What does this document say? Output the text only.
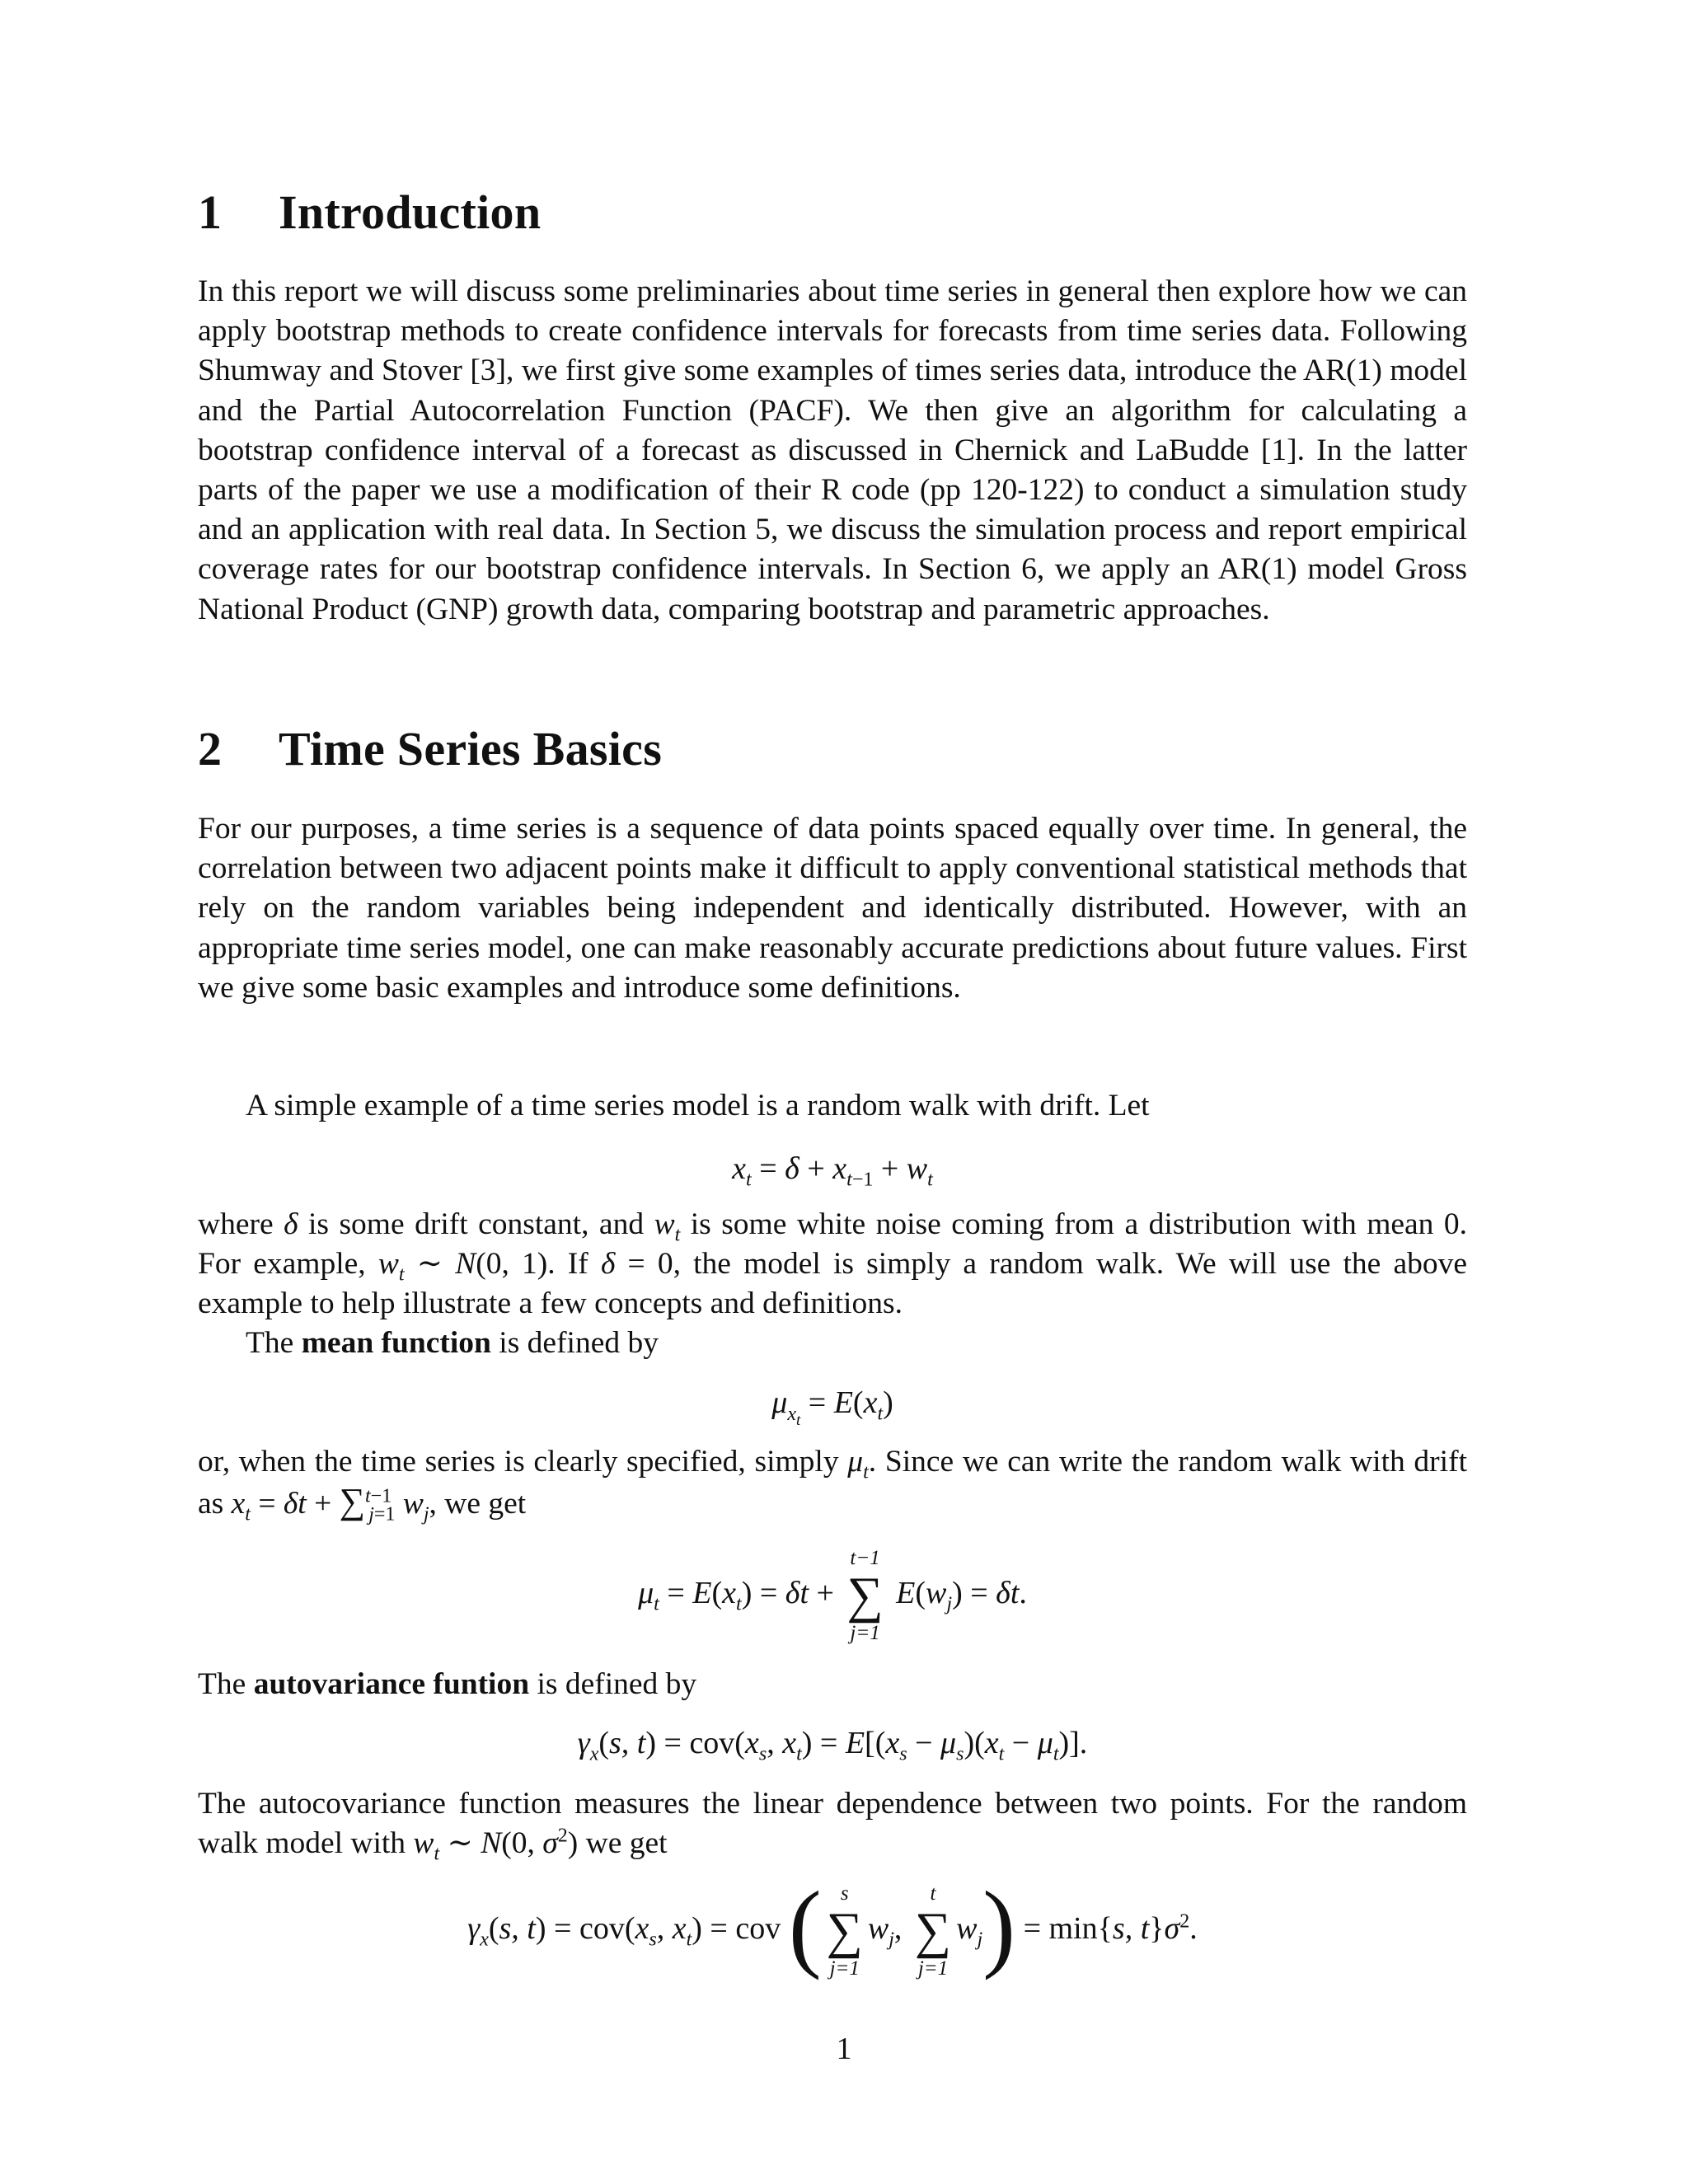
1 Introduction

In this report we will discuss some preliminaries about time series in general then explore how we can apply bootstrap methods to create confidence intervals for forecasts from time series data. Following Shumway and Stover [3], we first give some examples of times series data, introduce the AR(1) model and the Partial Autocorrelation Function (PACF). We then give an algorithm for calculating a bootstrap confidence interval of a forecast as discussed in Chernick and LaBudde [1]. In the latter parts of the paper we use a modification of their R code (pp 120-122) to conduct a simulation study and an application with real data. In Section 5, we discuss the simulation process and report empirical coverage rates for our bootstrap confidence intervals. In Section 6, we apply an AR(1) model Gross National Product (GNP) growth data, comparing bootstrap and parametric approaches.

2 Time Series Basics

For our purposes, a time series is a sequence of data points spaced equally over time. In general, the correlation between two adjacent points make it difficult to apply conventional statistical methods that rely on the random variables being independent and identically distributed. However, with an appropriate time series model, one can make reasonably accurate predictions about future values. First we give some basic examples and introduce some definitions.

A simple example of a time series model is a random walk with drift. Let

$x_t = \delta + x_{t-1} + w_t$

where δ is some drift constant, and $w_t$ is some white noise coming from a distribution with mean 0. For example, $w_t$ ∼ N(0, 1). If δ = 0, the model is simply a random walk. We will use the above example to help illustrate a few concepts and definitions.

The mean function is defined by

$\mu_{x_t} = E(x_t)$

or, when the time series is clearly specified, simply $\mu_t$. Since we can write the random walk with drift as $x_t = \delta t + \sum^{t-1}_{j=1}$ $w_j$, we get

$\mu_t = E(x_t) = \delta t$ +
t−1
∑
j=1
$E(w_j) = \delta t$.

The autovariance funtion is defined by

$\gamma_x(s$, $t) = cov(x_s$, $x_t) = E[(x_s - \mu_s)(x_t - \mu_t)]$.

The autocovariance function measures the linear dependence between two points. For the random walk model with $w_t$ ∼ N(0, $\sigma^2$) we get

$\gamma_x(s$, $t) = cov(x_s$, $x_t$) = cov ( s
∑
j=1
$w_j$,
t
∑
j=1
$w_j) = \min\{s$, $t\}\sigma^2$.
1
